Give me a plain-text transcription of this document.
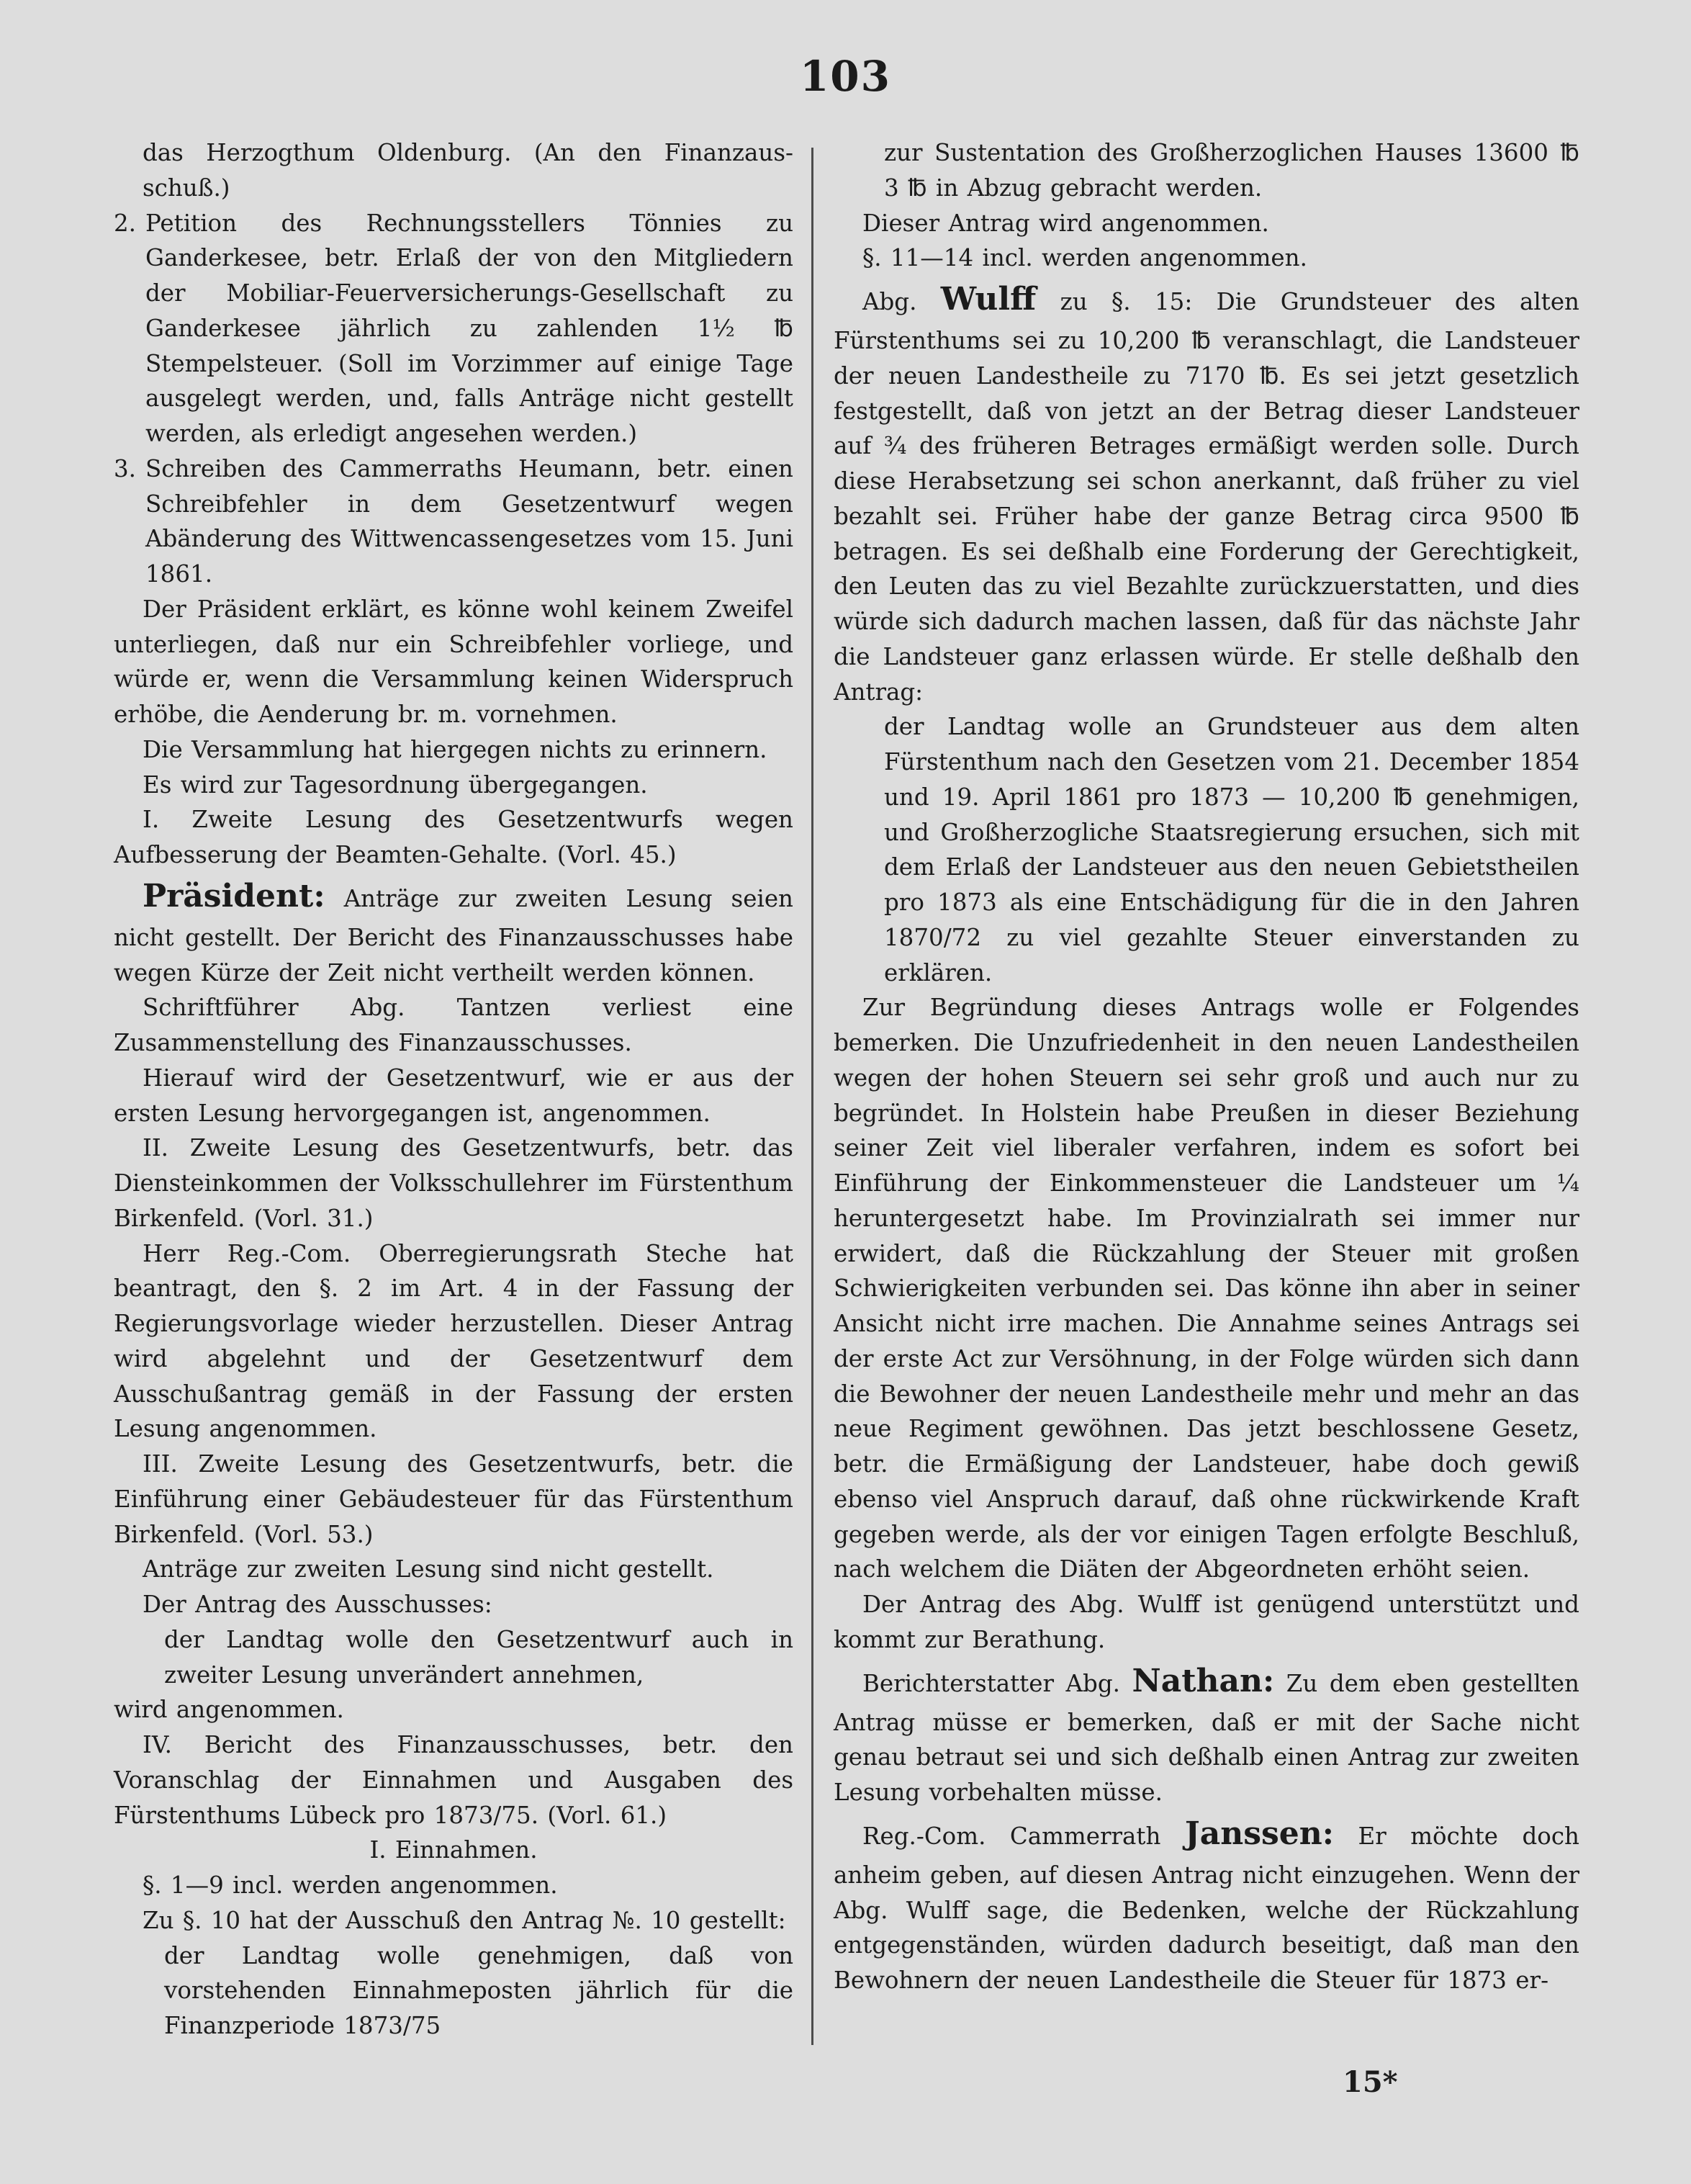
103

das Herzogthum Oldenburg. (An den Finanzaus-schuß.)

2. Petition des Rechnungsstellers Tönnies zu Ganderkesee, betr. Erlaß der von den Mitgliedern der Mobiliar-Feuerversicherungs-Gesellschaft zu Ganderkesee jährlich zu zahlenden 1½ ℔ Stempelsteuer. (Soll im Vorzimmer auf einige Tage ausgelegt werden, und, falls Anträge nicht gestellt werden, als erledigt angesehen werden.)

3. Schreiben des Cammerraths Heumann, betr. einen Schreibfehler in dem Gesetzentwurf wegen Abänderung des Wittwencassengesetzes vom 15. Juni 1861.

Der Präsident erklärt, es könne wohl keinem Zweifel unterliegen, daß nur ein Schreibfehler vorliege, und würde er, wenn die Versammlung keinen Widerspruch erhöbe, die Aenderung br. m. vornehmen.

Die Versammlung hat hiergegen nichts zu erinnern.

Es wird zur Tagesordnung übergegangen.

I. Zweite Lesung des Gesetzentwurfs wegen Aufbesserung der Beamten-Gehalte. (Vorl. 45.)

Präsident: Anträge zur zweiten Lesung seien nicht gestellt. Der Bericht des Finanzausschusses habe wegen Kürze der Zeit nicht vertheilt werden können.

Schriftführer Abg. Tantzen verliest eine Zusammenstellung des Finanzausschusses.

Hierauf wird der Gesetzentwurf, wie er aus der ersten Lesung hervorgegangen ist, angenommen.

II. Zweite Lesung des Gesetzentwurfs, betr. das Diensteinkommen der Volksschullehrer im Fürstenthum Birkenfeld. (Vorl. 31.)

Herr Reg.-Com. Oberregierungsrath Steche hat beantragt, den §. 2 im Art. 4 in der Fassung der Regierungsvorlage wieder herzustellen. Dieser Antrag wird abgelehnt und der Gesetzentwurf dem Ausschußantrag gemäß in der Fassung der ersten Lesung angenommen.

III. Zweite Lesung des Gesetzentwurfs, betr. die Einführung einer Gebäudesteuer für das Fürstenthum Birkenfeld. (Vorl. 53.)

Anträge zur zweiten Lesung sind nicht gestellt.

Der Antrag des Ausschusses:

der Landtag wolle den Gesetzentwurf auch in zweiter Lesung unverändert annehmen,

wird angenommen.

IV. Bericht des Finanzausschusses, betr. den Voranschlag der Einnahmen und Ausgaben des Fürstenthums Lübeck pro 1873/75. (Vorl. 61.)

I. Einnahmen.

§. 1—9 incl. werden angenommen.

Zu §. 10 hat der Ausschuß den Antrag №. 10 gestellt:

der Landtag wolle genehmigen, daß von vorstehenden Einnahmeposten jährlich für die Finanzperiode 1873/75

zur Sustentation des Großherzoglichen Hauses 13600 ℔ 3 ℔ in Abzug gebracht werden.

Dieser Antrag wird angenommen.

§. 11—14 incl. werden angenommen.

Abg. Wulff zu §. 15: Die Grundsteuer des alten Fürstenthums sei zu 10,200 ℔ veranschlagt, die Landsteuer der neuen Landestheile zu 7170 ℔. Es sei jetzt gesetzlich festgestellt, daß von jetzt an der Betrag dieser Landsteuer auf ¾ des früheren Betrages ermäßigt werden solle. Durch diese Herabsetzung sei schon anerkannt, daß früher zu viel bezahlt sei. Früher habe der ganze Betrag circa 9500 ℔ betragen. Es sei deßhalb eine Forderung der Gerechtigkeit, den Leuten das zu viel Bezahlte zurückzuerstatten, und dies würde sich dadurch machen lassen, daß für das nächste Jahr die Landsteuer ganz erlassen würde. Er stelle deßhalb den Antrag:

der Landtag wolle an Grundsteuer aus dem alten Fürstenthum nach den Gesetzen vom 21. December 1854 und 19. April 1861 pro 1873 — 10,200 ℔ genehmigen, und Großherzogliche Staatsregierung ersuchen, sich mit dem Erlaß der Landsteuer aus den neuen Gebietstheilen pro 1873 als eine Entschädigung für die in den Jahren 1870/72 zu viel gezahlte Steuer einverstanden zu erklären.

Zur Begründung dieses Antrags wolle er Folgendes bemerken. Die Unzufriedenheit in den neuen Landestheilen wegen der hohen Steuern sei sehr groß und auch nur zu begründet. In Holstein habe Preußen in dieser Beziehung seiner Zeit viel liberaler verfahren, indem es sofort bei Einführung der Einkommensteuer die Landsteuer um ¼ heruntergesetzt habe. Im Provinzialrath sei immer nur erwidert, daß die Rückzahlung der Steuer mit großen Schwierigkeiten verbunden sei. Das könne ihn aber in seiner Ansicht nicht irre machen. Die Annahme seines Antrags sei der erste Act zur Versöhnung, in der Folge würden sich dann die Bewohner der neuen Landestheile mehr und mehr an das neue Regiment gewöhnen. Das jetzt beschlossene Gesetz, betr. die Ermäßigung der Landsteuer, habe doch gewiß ebenso viel Anspruch darauf, daß ohne rückwirkende Kraft gegeben werde, als der vor einigen Tagen erfolgte Beschluß, nach welchem die Diäten der Abgeordneten erhöht seien.

Der Antrag des Abg. Wulff ist genügend unterstützt und kommt zur Berathung.

Berichterstatter Abg. Nathan: Zu dem eben gestellten Antrag müsse er bemerken, daß er mit der Sache nicht genau betraut sei und sich deßhalb einen Antrag zur zweiten Lesung vorbehalten müsse.

Reg.-Com. Cammerrath Janssen: Er möchte doch anheim geben, auf diesen Antrag nicht einzugehen. Wenn der Abg. Wulff sage, die Bedenken, welche der Rückzahlung entgegenständen, würden dadurch beseitigt, daß man den Bewohnern der neuen Landestheile die Steuer für 1873 er-

15*
